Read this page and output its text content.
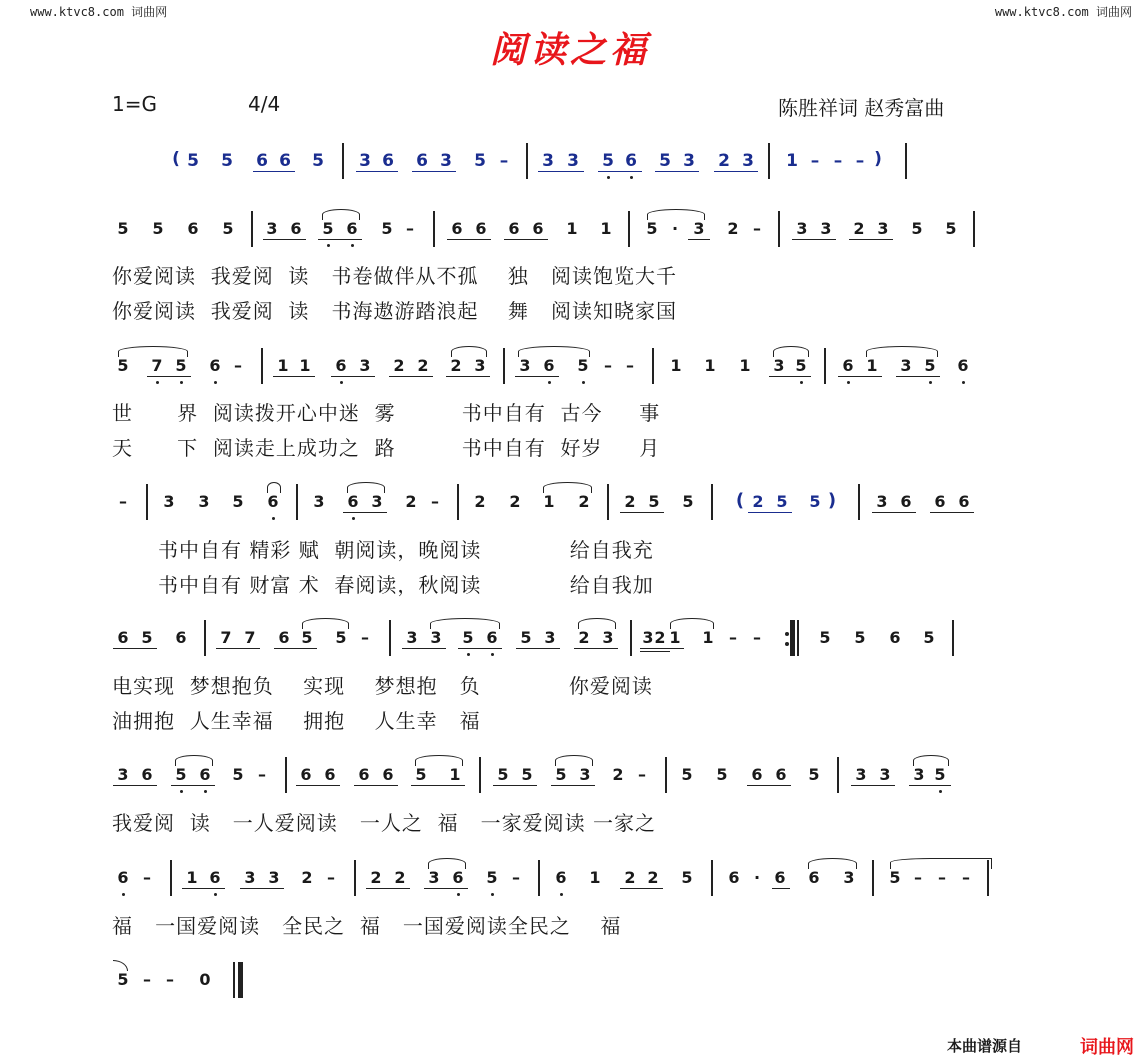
www.ktvc8.com 词曲网	www.ktvc8.com 词曲网
阅读之福
1=G	4/4	陈胜祥词 赵秀富曲
( 5 5 6 6 5 3 6 6 3 5 – 3 3 5 6 5 3 2 3 1 – – – )
5 5 6 5 3 6 5 6 5 – 6 6 6 6 1 1 5 · 3 2 – 3 3 2 3 5 5
你爱阅读  我爱阅  读   书卷做伴从不孤    独   阅读饱览大千
你爱阅读  我爱阅  读   书海遨游踏浪起    舞   阅读知晓家国
5 7 5 6 – 1 1 6 3 2 2 2 3 3 6 5 – – 1 1 1 3 5 6 1 3 5 6
世      界  阅读拨开心中迷  雾         书中自有  古今     事
天      下  阅读走上成功之  路         书中自有  好岁     月
– 3 3 5 6 3 6 3 2 – 2 2 1 2 2 5 5 ( 2 5 5 )	3 6 6 6
书中自有 精彩 赋  朝阅读，晚阅读            给自我充
书中自有 财富 术  春阅读，秋阅读            给自我加
6 5 6 7 7 6 5 5 – 3 3 5 6 5 3 2 3 3 2 1 1 – –	5 5 6 5
电实现  梦想抱负    实现    梦想抱   负            你爱阅读
油拥抱  人生幸福    拥抱    人生幸   福
3 6 5 6 5 – 6 6 6 6 5 1 5 5 5 3 2 – 5 5 6 6 5 3 3 3 5
我爱阅  读   一人爱阅读   一人之  福   一家爱阅读 一家之
6 – 1 6 3 3 2 – 2 2 3 6 5 – 6 1 2 2 5 6 · 6 6 3 5 – – –
福   一国爱阅读   全民之  福   一国爱阅读全民之    福
5 – – 0
本曲谱源自	词曲网
